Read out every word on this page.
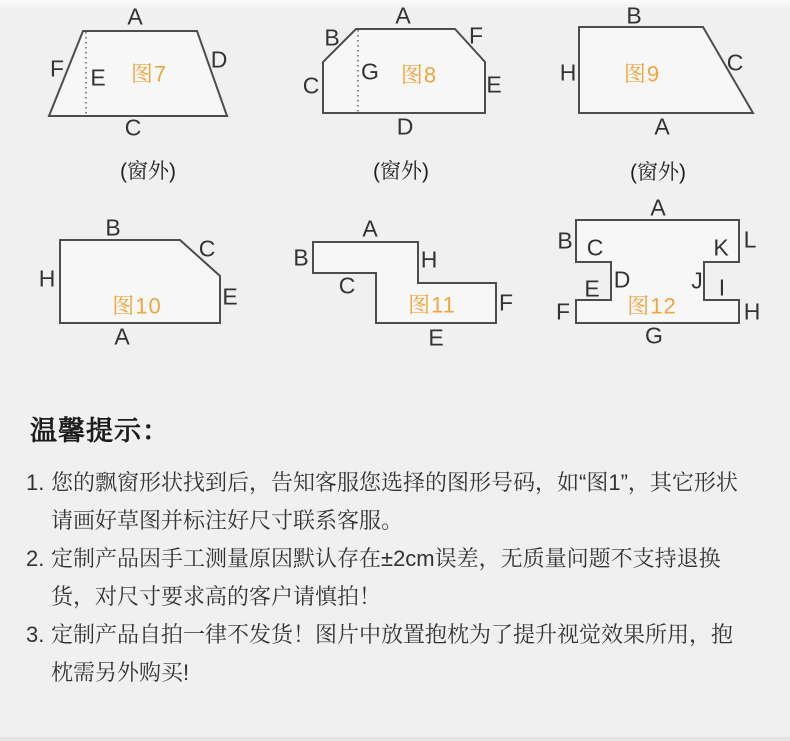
A
D
C
F E 图7
(窗外)
A
B	F
G
C	E
D
图8
(窗外)
B
C
A
H 图9
(窗外)
B
C
H
E
A
图10
A
B	H
C
F
E
图11
A
B C	K L
D	J
E	I
F	H
G
图12
温馨提示：
1. 您的飘窗形状找到后，告知客服您选择的图形号码，如“图1”，其它形状请画好草图并标注好尺寸联系客服。
2. 定制产品因手工测量原因默认存在±2cm误差，无质量问题不支持退换货，对尺寸要求高的客户请慎拍！
3. 定制产品自拍一律不发货！图片中放置抱枕为了提升视觉效果所用，抱枕需另外购买!
